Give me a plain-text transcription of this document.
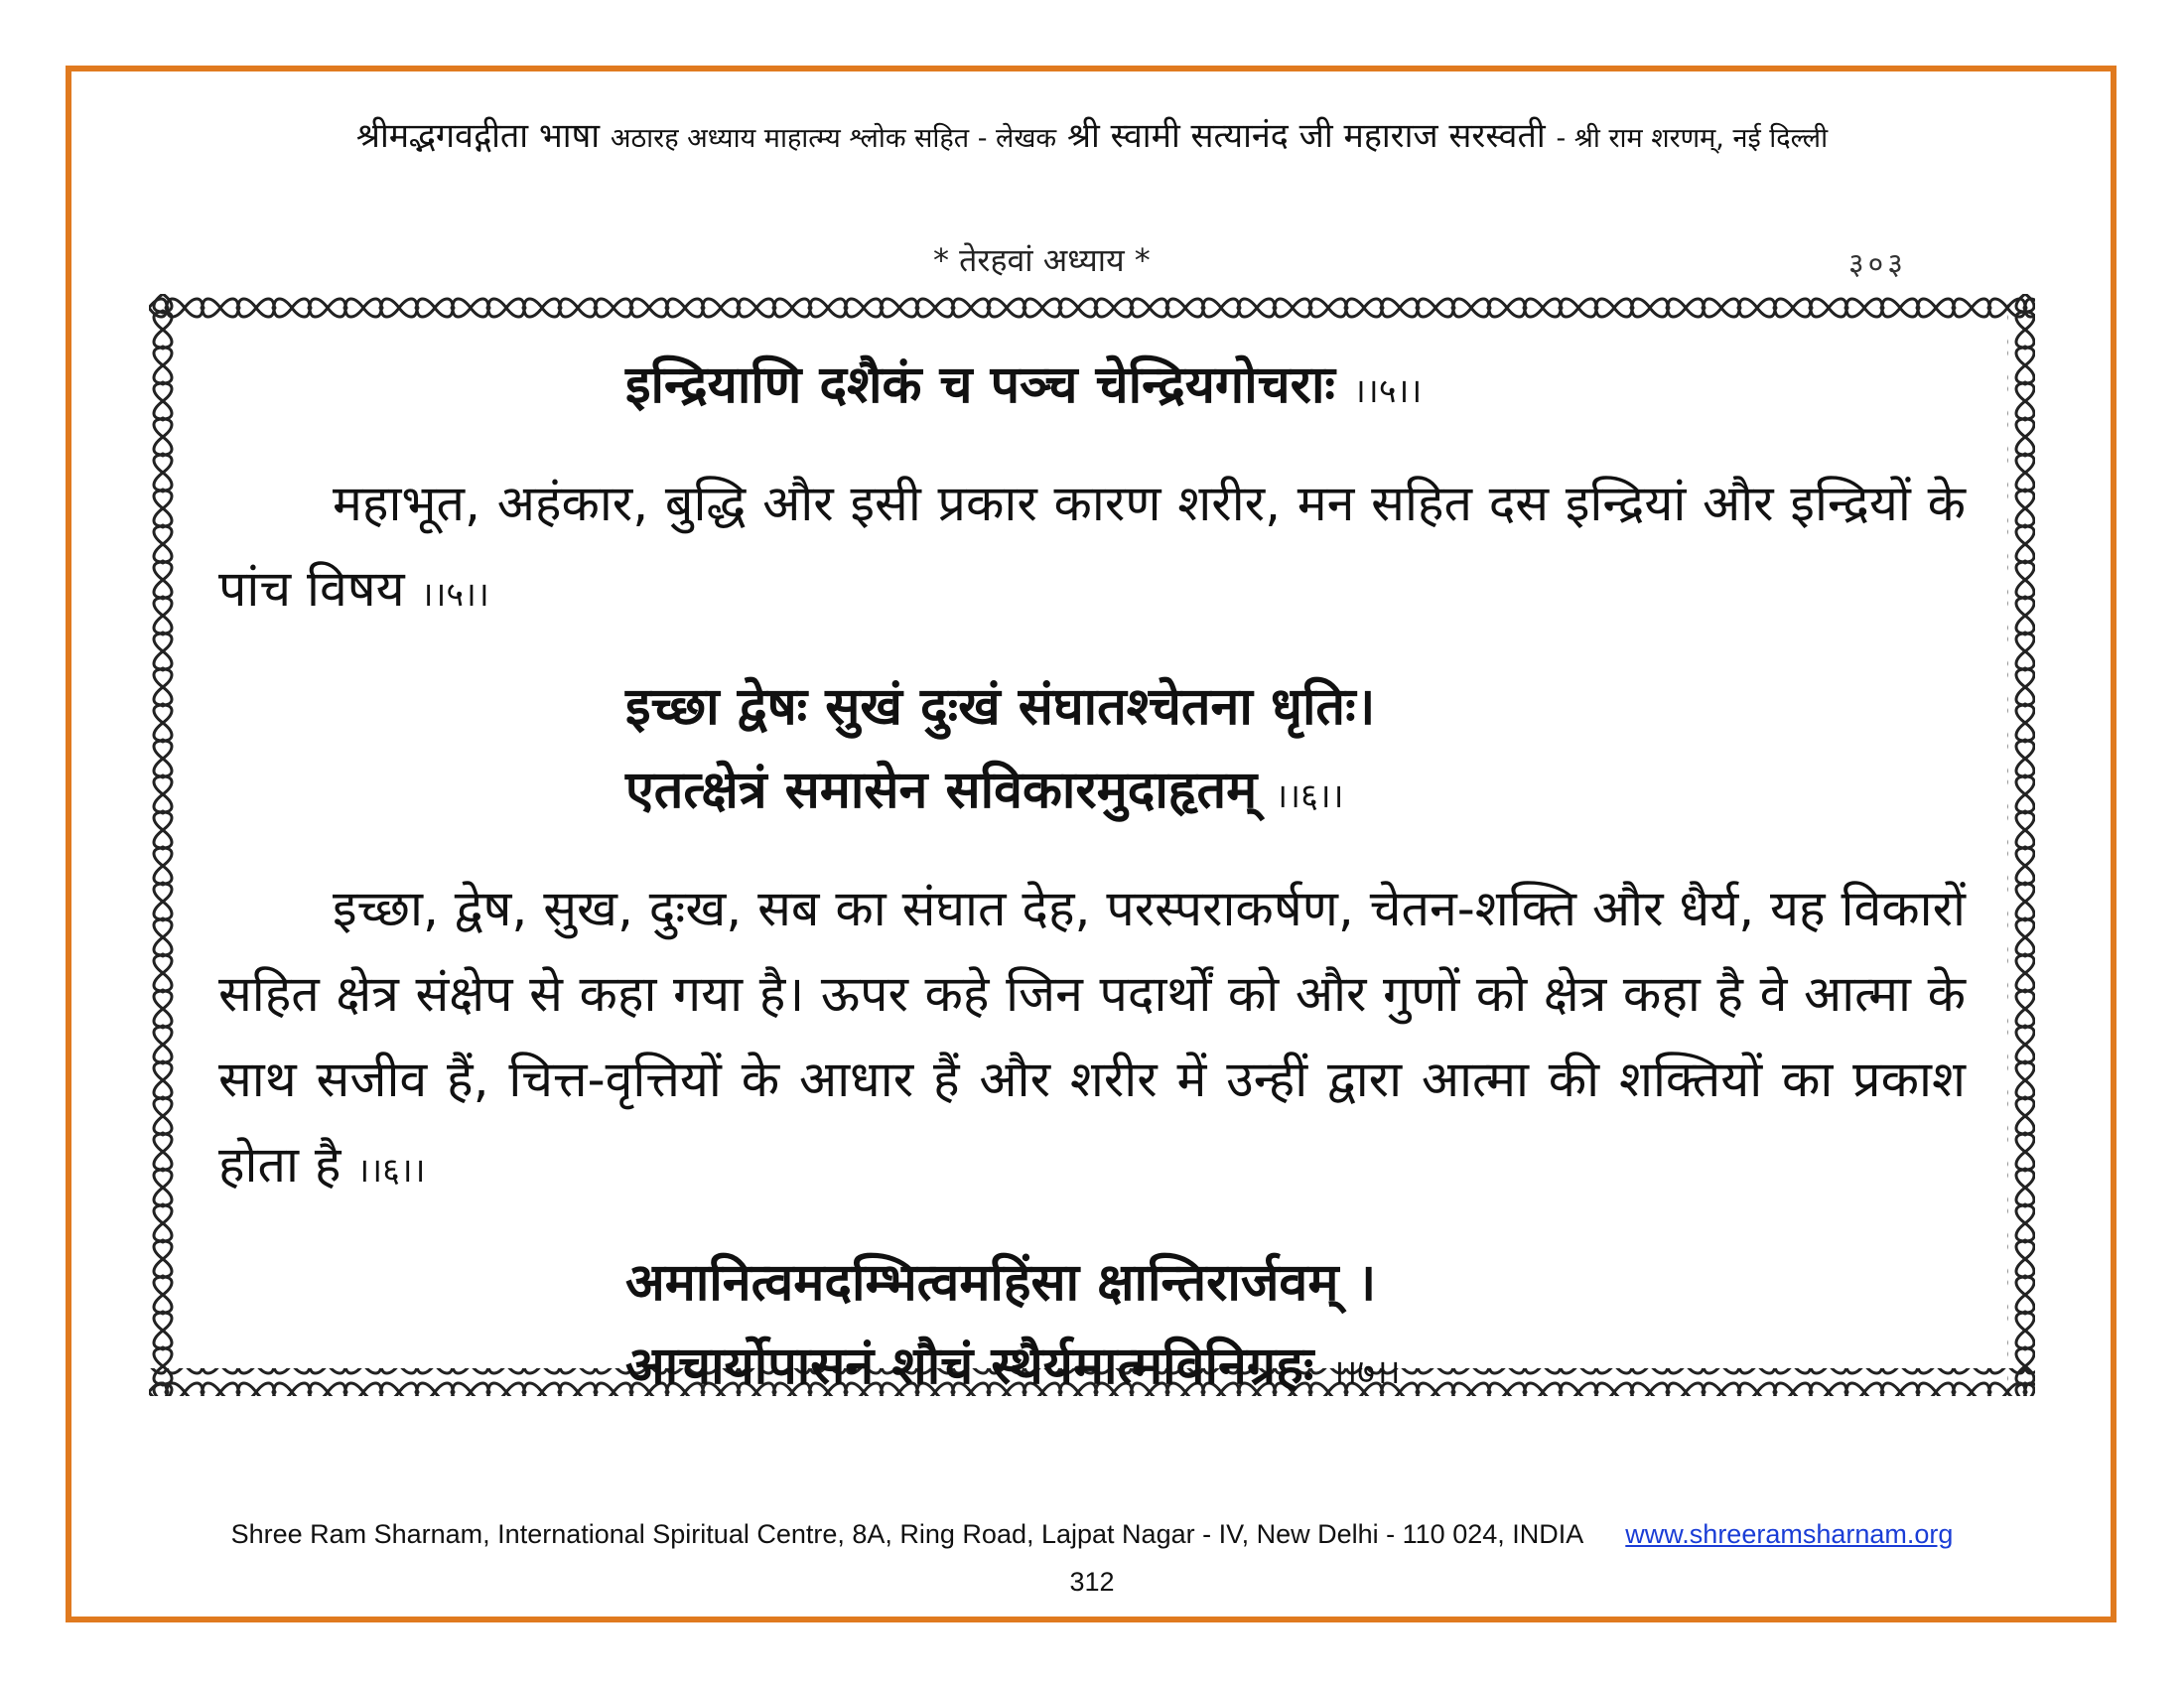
श्रीमद्भगवद्गीता भाषा अठारह अध्याय माहात्म्य श्लोक सहित - लेखक श्री स्वामी सत्यानंद जी महाराज सरस्वती - श्री राम शरणम्, नई दिल्ली
* तेरहवां अध्याय *	३०३
इन्द्रियाणि दशैकं च पञ्च चेन्द्रियगोचराः ।।५।।
महाभूत, अहंकार, बुद्धि और इसी प्रकार कारण शरीर, मन सहित दस इन्द्रियां और इन्द्रियों के पांच विषय ।।५।।
इच्छा द्वेषः सुखं दुःखं संघातश्चेतना धृतिः।
एतत्क्षेत्रं समासेन सविकारमुदाहृतम् ।।६।।
इच्छा, द्वेष, सुख, दुःख, सब का संघात देह, परस्पराकर्षण, चेतन-शक्ति और धैर्य, यह विकारों सहित क्षेत्र संक्षेप से कहा गया है। ऊपर कहे जिन पदार्थों को और गुणों को क्षेत्र कहा है वे आत्मा के साथ सजीव हैं, चित्त-वृत्तियों के आधार हैं और शरीर में उन्हीं द्वारा आत्मा की शक्तियों का प्रकाश होता है ।।६।।
अमानित्वमदम्भित्वमहिंसा क्षान्तिरार्जवम् ।
आचार्योपासनं शौचं स्थैर्यमात्मविनिग्रहः ।।७।।
Shree Ram Sharnam, International Spiritual Centre, 8A, Ring Road, Lajpat Nagar - IV, New Delhi - 110 024, INDIA www.shreeramsharnam.org
312
